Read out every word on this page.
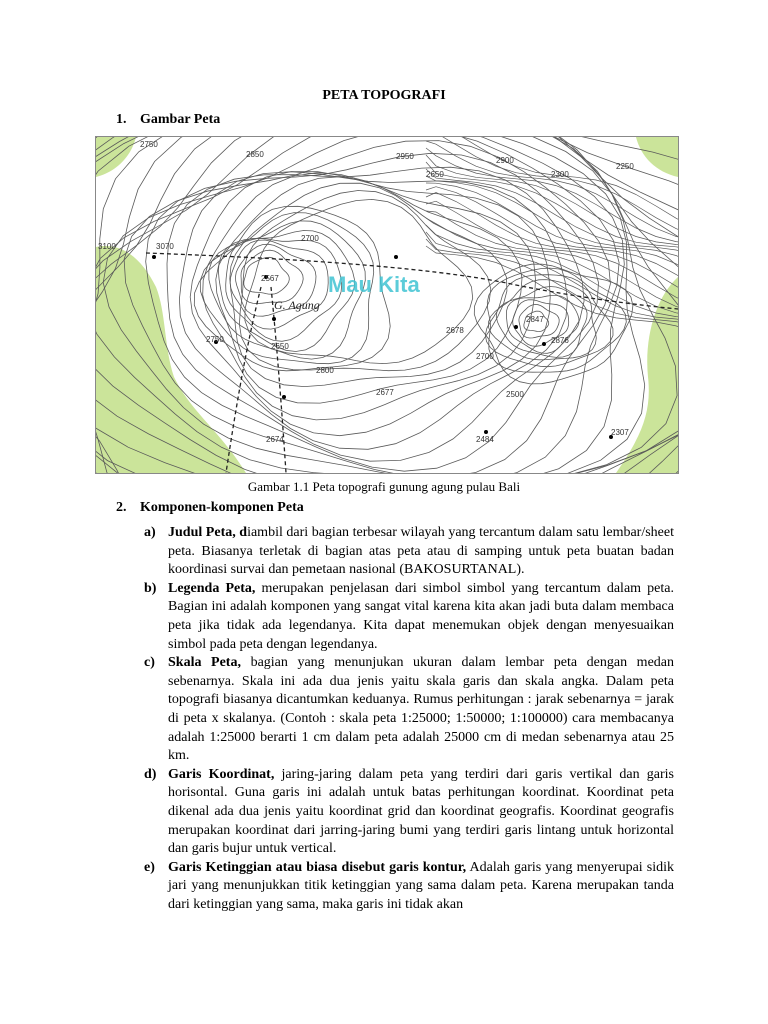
PETA TOPOGRAFI
1. Gambar Peta
2750
2850	2950	2900
3100	3070
2700
2567
2750
2650
2800
2677
2678
2700
2847
2876
2500
2484
2307
2674
2650	2300
2250
G. Agung
Mau Kita
Gambar 1.1 Peta topografi gunung agung pulau Bali
2. Komponen-komponen Peta
a) Judul Peta, diambil dari bagian terbesar wilayah yang tercantum dalam satu lembar/sheet peta. Biasanya terletak di bagian atas peta atau di samping untuk peta buatan badan koordinasi survai dan pemetaan nasional (BAKOSURTANAL).
b) Legenda Peta, merupakan penjelasan dari simbol simbol yang tercantum dalam peta. Bagian ini adalah komponen yang sangat vital karena kita akan jadi buta dalam membaca peta jika tidak ada legendanya. Kita dapat menemukan objek dengan menyesuaikan simbol pada peta dengan legendanya.
c) Skala Peta, bagian yang menunjukan ukuran dalam lembar peta dengan medan sebenarnya. Skala ini ada dua jenis yaitu skala garis dan skala angka. Dalam peta topografi biasanya dicantumkan keduanya. Rumus perhitungan : jarak sebenarnya = jarak di peta x skalanya. (Contoh : skala peta 1:25000; 1:50000; 1:100000) cara membacanya adalah 1:25000 berarti 1 cm dalam peta adalah 25000 cm di medan sebenarnya atau 25 km.
d) Garis Koordinat, jaring-jaring dalam peta yang terdiri dari garis vertikal dan garis horisontal. Guna garis ini adalah untuk batas perhitungan koordinat. Koordinat peta dikenal ada dua jenis yaitu koordinat grid dan koordinat geografis. Koordinat geografis merupakan koordinat dari jarring-jaring bumi yang terdiri garis lintang untuk horizontal dan garis bujur untuk vertical.
e) Garis Ketinggian atau biasa disebut garis kontur, Adalah garis yang menyerupai sidik jari yang menunjukkan titik ketinggian yang sama dalam peta. Karena merupakan tanda dari ketinggian yang sama, maka garis ini tidak akan
